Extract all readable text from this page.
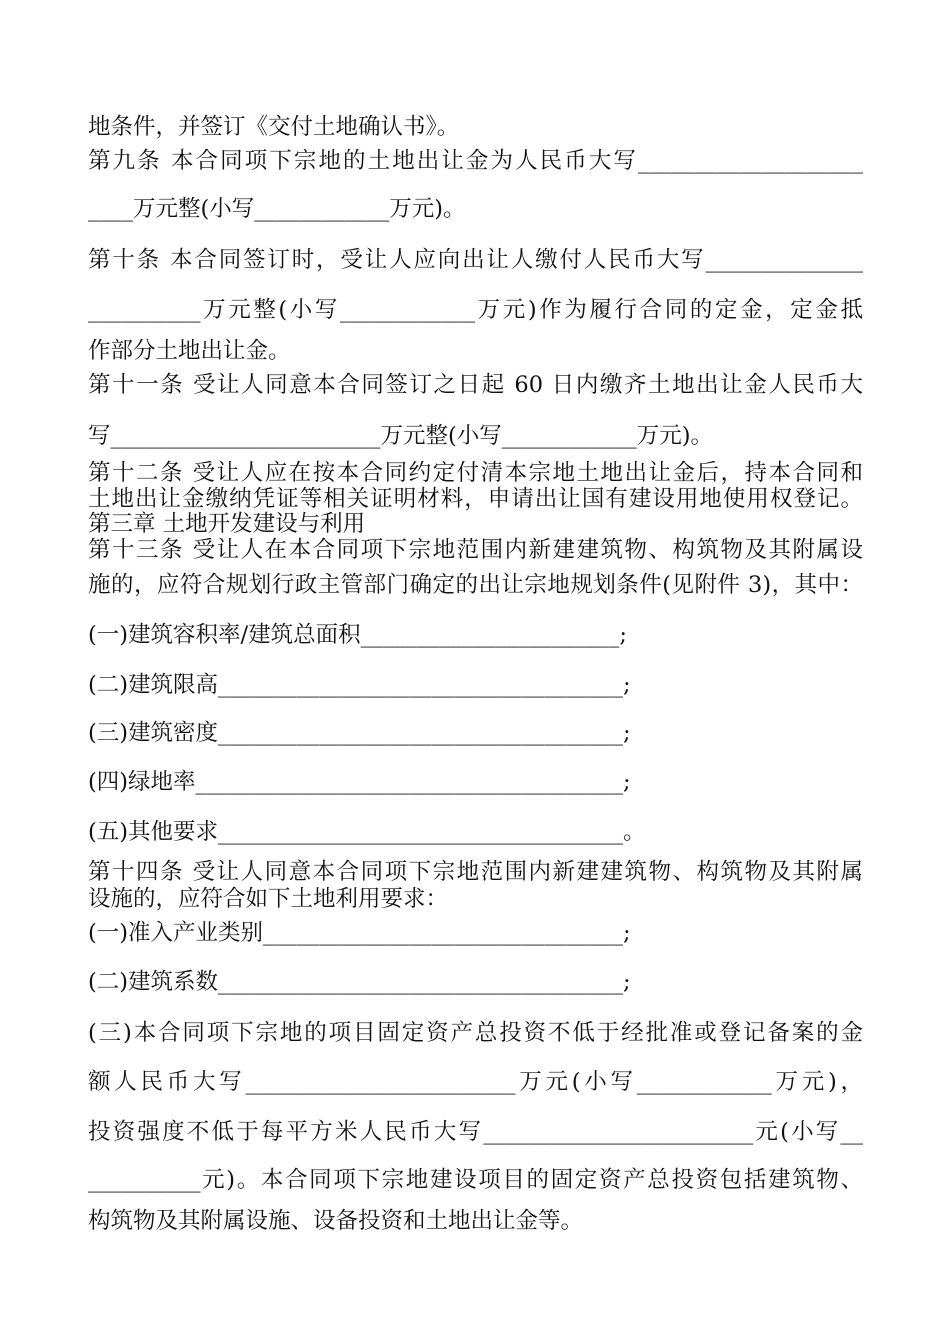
地条件，并签订《交付土地确认书》。
第九条 本合同项下宗地的土地出让金为人民币大写____________________
____万元整(小写____________万元)。
第十条 本合同签订时，受让人应向出让人缴付人民币大写______________
__________万元整(小写____________万元)作为履行合同的定金，定金抵
作部分土地出让金。
第十一条 受让人同意本合同签订之日起 60 日内缴齐土地出让金人民币大
写________________________万元整(小写____________万元)。
第十二条 受让人应在按本合同约定付清本宗地土地出让金后，持本合同和
土地出让金缴纳凭证等相关证明材料，申请出让国有建设用地使用权登记。
第三章 土地开发建设与利用
第十三条 受让人在本合同项下宗地范围内新建建筑物、构筑物及其附属设
施的，应符合规划行政主管部门确定的出让宗地规划条件(见附件 3)，其中：
(一)建筑容积率/建筑总面积_______________________;
(二)建筑限高____________________________________;
(三)建筑密度____________________________________;
(四)绿地率______________________________________;
(五)其他要求____________________________________。
第十四条 受让人同意本合同项下宗地范围内新建建筑物、构筑物及其附属
设施的，应符合如下土地利用要求：
(一)准入产业类别________________________________;
(二)建筑系数____________________________________;
(三)本合同项下宗地的项目固定资产总投资不低于经批准或登记备案的金
额人民币大写________________________万元(小写____________万元)，
投资强度不低于每平方米人民币大写________________________元(小写__
__________元)。本合同项下宗地建设项目的固定资产总投资包括建筑物、
构筑物及其附属设施、设备投资和土地出让金等。
